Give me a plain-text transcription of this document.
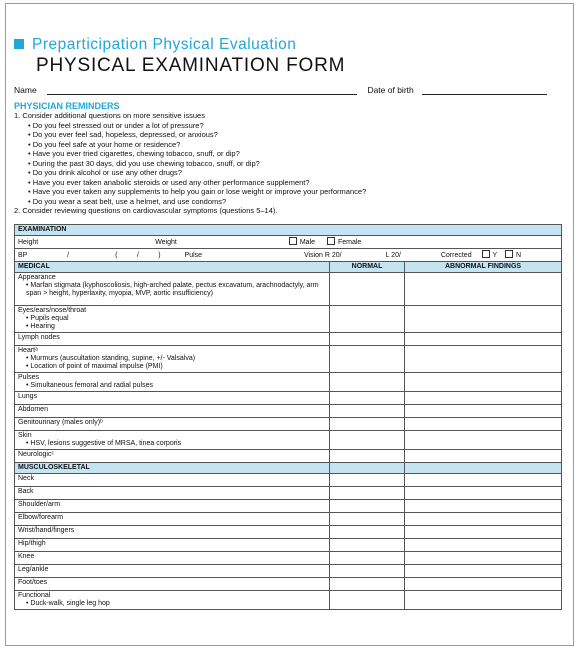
Preparticipation Physical Evaluation
PHYSICAL EXAMINATION FORM
Name	Date of birth
PHYSICIAN REMINDERS
1. Consider additional questions on more sensitive issues
• Do you feel stressed out or under a lot of pressure?
• Do you ever feel sad, hopeless, depressed, or anxious?
• Do you feel safe at your home or residence?
• Have you ever tried cigarettes, chewing tobacco, snuff, or dip?
• During the past 30 days, did you use chewing tobacco, snuff, or dip?
• Do you drink alcohol or use any other drugs?
• Have you ever taken anabolic steroids or used any other performance supplement?
• Have you ever taken any supplements to help you gain or lose weight or improve your performance?
• Do you wear a seat belt, use a helmet, and use condoms?
2. Consider reviewing questions on cardiovascular symptoms (questions 5–14).
EXAMINATION		
Height Weight Male Female		
BP / (          /          ) Pulse Vision R 20/ L 20/ Corrected Y N		
MEDICAL	NORMAL	ABNORMAL FINDINGS

Appearance
• Marfan stigmata (kyphoscoliosis, high-arched palate, pectus excavatum, arachnodactyly, arm span > height, hyperlaxity, myopia, MVP, aortic insufficiency)

Eyes/ears/nose/throat
• Pupils equal
• Hearing

Lymph nodes		

Heartᵃ
• Murmurs (auscultation standing, supine, +/- Valsalva)
• Location of point of maximal impulse (PMI)

Pulses
• Simultaneous femoral and radial pulses

Lungs		
Abdomen		
Genitourinary (males only)ᵇ		

Skin
• HSV, lesions suggestive of MRSA, tinea corporis

Neurologicᶜ		
MUSCULOSKELETAL		
Neck		
Back		
Shoulder/arm		
Elbow/forearm		
Wrist/hand/fingers		
Hip/thigh		
Knee		
Leg/ankle		
Foot/toes		

Functional
• Duck-walk, single leg hop
